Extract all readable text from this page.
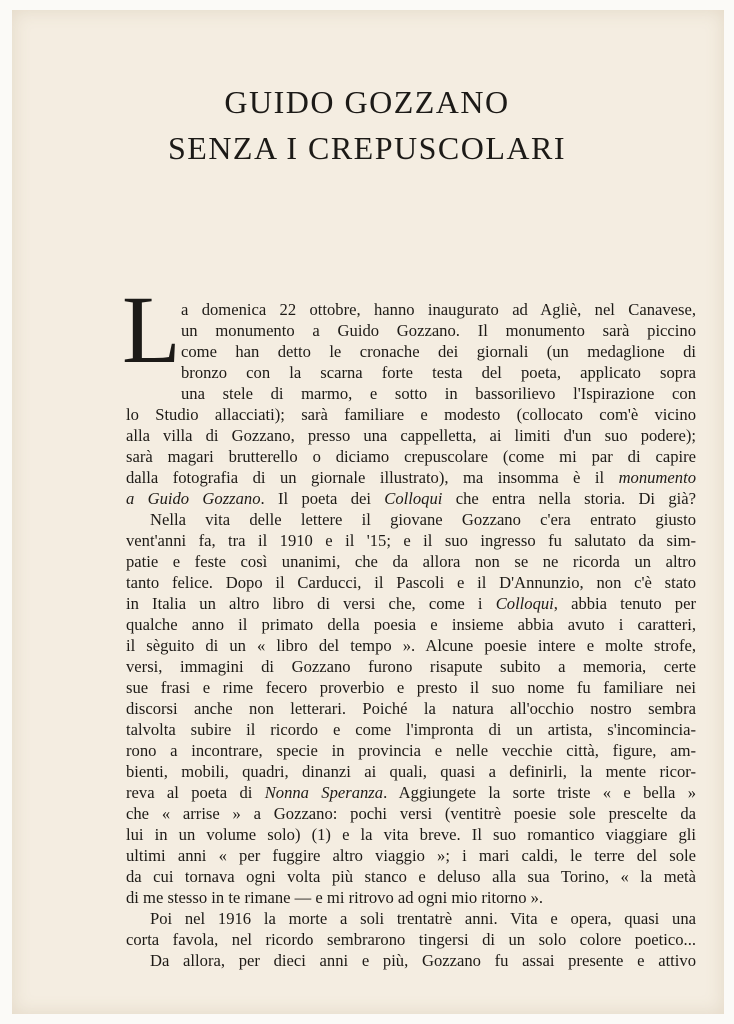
GUIDO GOZZANO
SENZA I CREPUSCOLARI
L a domenica 22 ottobre, hanno inaugurato ad Agliè, nel Canavese,
un monumento a Guido Gozzano. Il monumento sarà piccino
come han detto le cronache dei giornali (un medaglione di
bronzo con la scarna forte testa del poeta, applicato sopra
una stele di marmo, e sotto in bassorilievo l'Ispirazione con
lo Studio allacciati); sarà familiare e modesto (collocato com'è vicino
alla villa di Gozzano, presso una cappelletta, ai limiti d'un suo podere);
sarà magari brutterello o diciamo crepuscolare (come mi par di capire
dalla fotografia di un giornale illustrato), ma insomma è il monumento
a Guido Gozzano. Il poeta dei Colloqui che entra nella storia. Di già?
Nella vita delle lettere il giovane Gozzano c'era entrato giusto
vent'anni fa, tra il 1910 e il '15; e il suo ingresso fu salutato da sim-
patie e feste così unanimi, che da allora non se ne ricorda un altro
tanto felice. Dopo il Carducci, il Pascoli e il D'Annunzio, non c'è stato
in Italia un altro libro di versi che, come i Colloqui, abbia tenuto per
qualche anno il primato della poesia e insieme abbia avuto i caratteri,
il sèguito di un « libro del tempo ». Alcune poesie intere e molte strofe,
versi, immagini di Gozzano furono risapute subito a memoria, certe
sue frasi e rime fecero proverbio e presto il suo nome fu familiare nei
discorsi anche non letterari. Poiché la natura all'occhio nostro sembra
talvolta subire il ricordo e come l'impronta di un artista, s'incomincia-
rono a incontrare, specie in provincia e nelle vecchie città, figure, am-
bienti, mobili, quadri, dinanzi ai quali, quasi a definirli, la mente ricor-
reva al poeta di Nonna Speranza. Aggiungete la sorte triste « e bella »
che « arrise » a Gozzano: pochi versi (ventitrè poesie sole prescelte da
lui in un volume solo) (1) e la vita breve. Il suo romantico viaggiare gli
ultimi anni « per fuggire altro viaggio »; i mari caldi, le terre del sole
da cui tornava ogni volta più stanco e deluso alla sua Torino, « la metà
di me stesso in te rimane — e mi ritrovo ad ogni mio ritorno ».
Poi nel 1916 la morte a soli trentatrè anni. Vita e opera, quasi una
corta favola, nel ricordo sembrarono tingersi di un solo colore poetico...
Da allora, per dieci anni e più, Gozzano fu assai presente e attivo
